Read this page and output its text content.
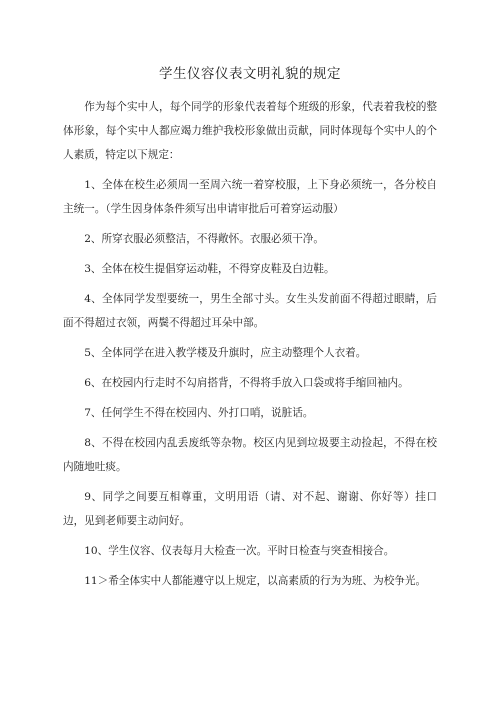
学生仪容仪表文明礼貌的规定

作为每个实中人，每个同学的形象代表着每个班级的形象，代表着我校的整体形象，每个实中人都应竭力维护我校形象做出贡献，同时体现每个实中人的个人素质，特定以下规定：

1、全体在校生必须周一至周六统一着穿校服，上下身必须统一，各分校自主统一。（学生因身体条件须写出申请审批后可着穿运动服）

2、所穿衣服必须整洁，不得敞怀。衣服必须干净。

3、全体在校生提倡穿运动鞋，不得穿皮鞋及白边鞋。

4、全体同学发型要统一，男生全部寸头。女生头发前面不得超过眼睛，后面不得超过衣领，两鬓不得超过耳朵中部。

5、全体同学在进入教学楼及升旗时，应主动整理个人衣着。

6、在校园内行走时不勾肩搭背，不得将手放入口袋或将手缩回袖内。

7、任何学生不得在校园内、外打口哨，说脏话。

8、不得在校园内乱丢废纸等杂物。校区内见到垃圾要主动捡起，不得在校内随地吐痰。

9、同学之间要互相尊重，文明用语（请、对不起、谢谢、你好等）挂口边，见到老师要主动问好。

10、学生仪容、仪表每月大检查一次。平时日检查与突查相接合。

11＞希全体实中人都能遵守以上规定，以高素质的行为为班、为校争光。
